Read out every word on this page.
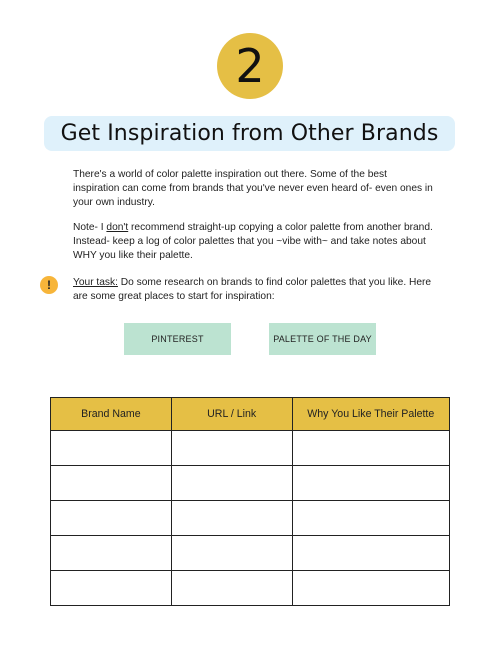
2
Get Inspiration from Other Brands

There's a world of color palette inspiration out there. Some of the best inspiration can come from brands that you've never even heard of- even ones in your own industry.

Note- I don't recommend straight-up copying a color palette from another brand. Instead- keep a log of color palettes that you ~vibe with~ and take notes about WHY you like their palette.

!	Your task: Do some research on brands to find color palettes that you like. Here are some great places to start for inspiration:

PINTEREST	PALETTE OF THE DAY
Brand Name	URL / Link	Why You Like Their Palette
